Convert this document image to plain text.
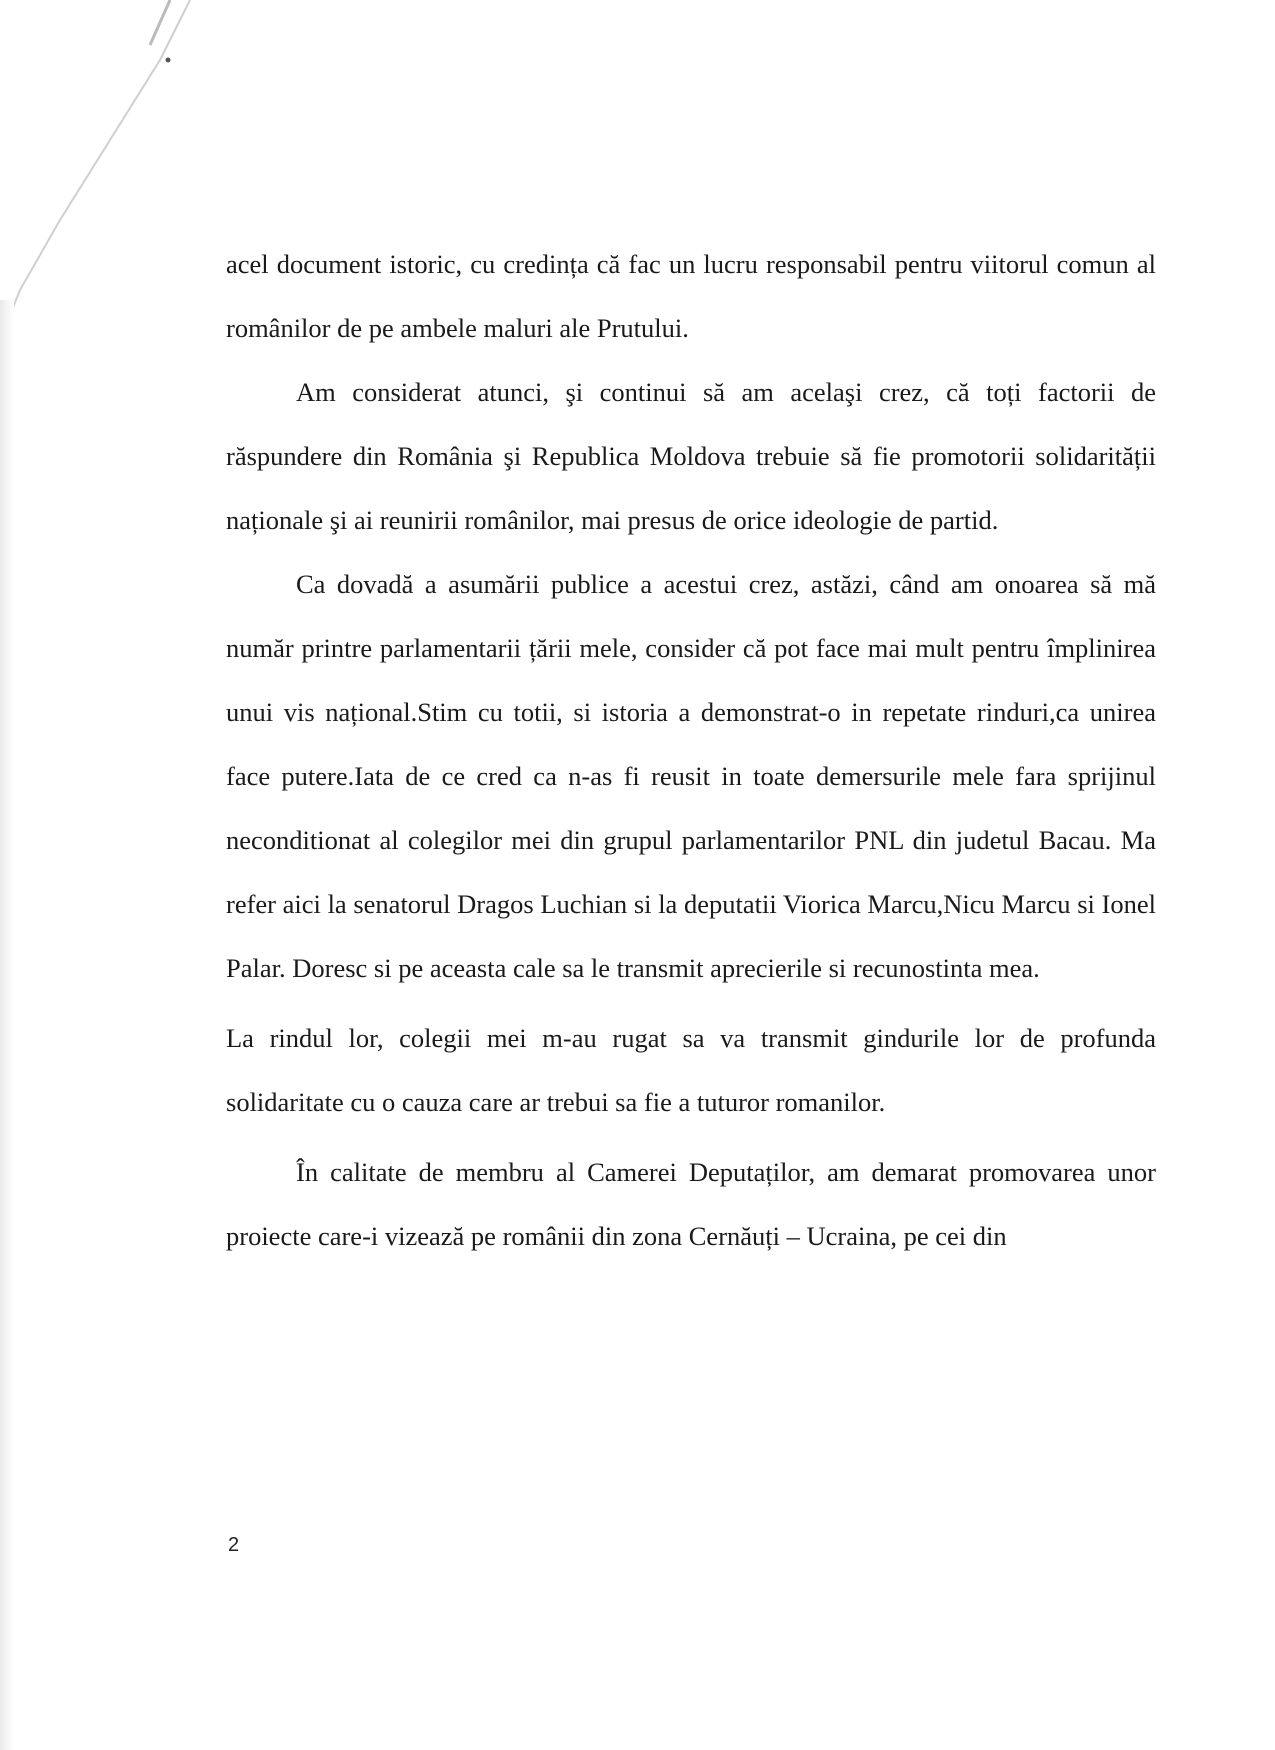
acel document istoric, cu credința că fac un lucru responsabil pentru viitorul comun al românilor de pe ambele maluri ale Prutului.

Am considerat atunci, şi continui să am acelaşi crez, că toți factorii de răspundere din România şi Republica Moldova trebuie să fie promotorii solidarității naționale şi ai reunirii românilor, mai presus de orice ideologie de partid.

Ca dovadă a asumării publice a acestui crez, astăzi, când am onoarea să mă număr printre parlamentarii țării mele, consider că pot face mai mult pentru împlinirea unui vis național.Stim cu totii, si istoria a demonstrat-o in repetate rinduri,ca unirea face putere.Iata de ce cred ca n-as fi reusit in toate demersurile mele fara sprijinul neconditionat al colegilor mei din grupul parlamentarilor PNL din judetul Bacau. Ma refer aici la senatorul Dragos Luchian si la deputatii Viorica Marcu,Nicu Marcu si Ionel Palar. Doresc si pe aceasta cale sa le transmit aprecierile si recunostinta mea.

La rindul lor, colegii mei m-au rugat sa va transmit gindurile lor de profunda solidaritate cu o cauza care ar trebui sa fie a tuturor romanilor.

În calitate de membru al Camerei Deputaților, am demarat promovarea unor proiecte care-i vizează pe românii din zona Cernăuți – Ucraina, pe cei din

2
